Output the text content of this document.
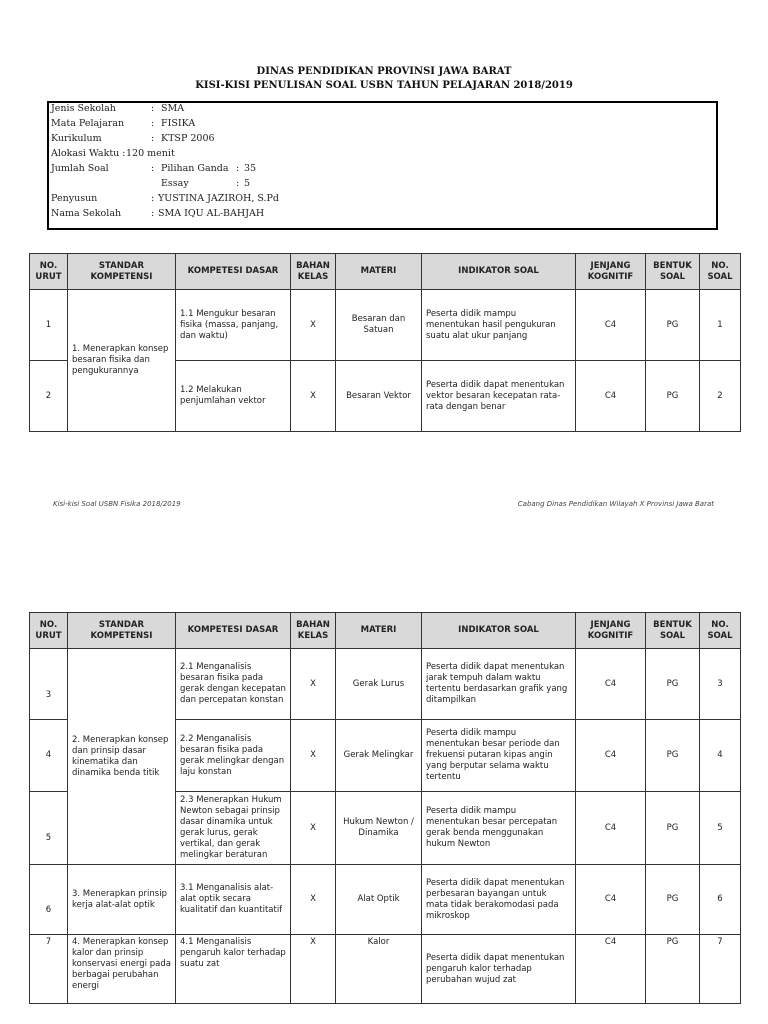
DINAS PENDIDIKAN PROVINSI JAWA BARAT
KISI-KISI PENULISAN SOAL USBN TAHUN PELAJARAN 2018/2019
Jenis Sekolah	: SMA
Mata Pelajaran	: FISIKA
Kurikulum	: KTSP 2006
Alokasi Waktu : 120 menit
Jumlah Soal	: Pilihan Ganda : 35
Essay	: 5
Penyusun	: YUSTINA JAZIROH, S.Pd
Nama Sekolah	: SMA IQU AL-BAHJAH
NO. URUT	STANDAR KOMPETENSI	KOMPETESI DASAR	BAHAN KELAS	MATERI	INDIKATOR SOAL	JENJANG KOGNITIF	BENTUK SOAL	NO. SOAL
1	1. Menerapkan konsep besaran fisika dan pengukurannya	1.1 Mengukur besaran fisika (massa, panjang, dan waktu)	X	Besaran dan Satuan	Peserta didik mampu menentukan hasil pengukuran suatu alat ukur panjang	C4	PG	1
2		1.2 Melakukan penjumlahan vektor	X	Besaran Vektor	Peserta didik dapat menentukan vektor besaran kecepatan rata-rata dengan benar	C4	PG	2
Kisi-kisi Soal USBN Fisika 2018/2019	Cabang Dinas Pendidikan Wilayah X Provinsi Jawa Barat
NO. URUT	STANDAR KOMPETENSI	KOMPETESI DASAR	BAHAN KELAS	MATERI	INDIKATOR SOAL	JENJANG KOGNITIF	BENTUK SOAL	NO. SOAL
3	2. Menerapkan konsep dan prinsip dasar kinematika dan dinamika benda titik	2.1 Menganalisis besaran fisika pada gerak dengan kecepatan dan percepatan konstan	X	Gerak Lurus	Peserta didik dapat menentukan jarak tempuh dalam waktu tertentu berdasarkan grafik yang ditampilkan	C4	PG	3
4		2.2 Menganalisis besaran fisika pada gerak melingkar dengan laju konstan	X	Gerak Melingkar	Peserta didik mampu menentukan besar periode dan frekuensi putaran kipas angin yang berputar selama waktu tertentu	C4	PG	4
5		2.3 Menerapkan Hukum Newton sebagai prinsip dasar dinamika untuk gerak lurus, gerak vertikal, dan gerak melingkar beraturan	X	Hukum Newton / Dinamika	Peserta didik mampu menentukan besar percepatan gerak benda menggunakan hukum Newton	C4	PG	5
6	3. Menerapkan prinsip kerja alat-alat optik	3.1 Menganalisis alat-alat optik secara kualitatif dan kuantitatif	X	Alat Optik	Peserta didik dapat menentukan perbesaran bayangan untuk mata tidak berakomodasi pada mikroskop	C4	PG	6
7	4. Menerapkan konsep kalor dan prinsip konservasi energi pada berbagai perubahan energi	4.1 Menganalisis pengaruh kalor terhadap suatu zat	X	Kalor	Peserta didik dapat menentukan pengaruh kalor terhadap perubahan wujud zat	C4	PG	7
